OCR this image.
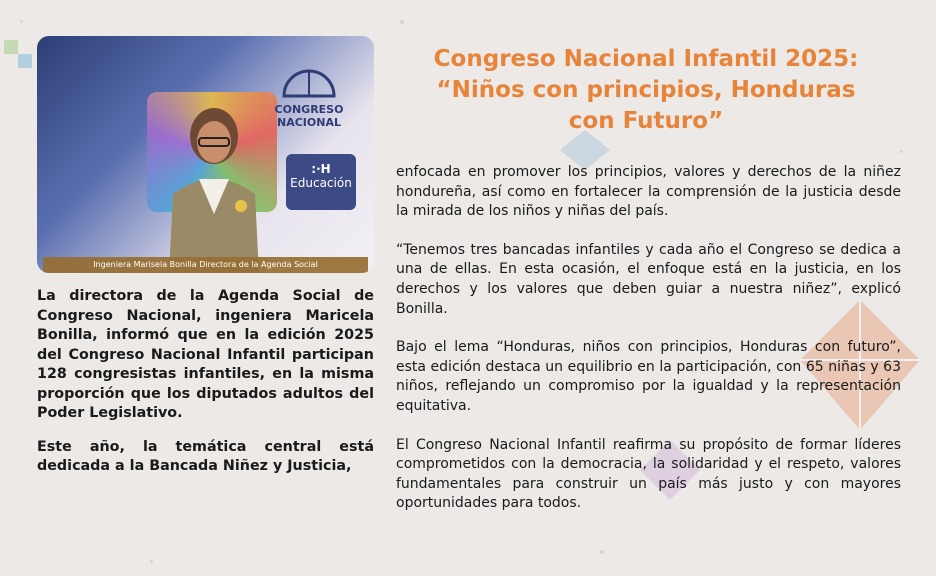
CONGRESO NACIONAL
:·H
Educación
Ingeniera Marisela Bonilla Directora de la Agenda Social
Congreso Nacional Infantil 2025:
“Niños con principios, Honduras
con Futuro”

La directora de la Agenda Social de Congreso Nacional, ingeniera Maricela Bonilla, informó que en la edición 2025 del Congreso Nacional Infantil participan 128 congresistas infantiles, en la misma proporción que los diputados adultos del Poder Legislativo.

Este año, la temática central está dedicada a la Bancada Niñez y Justicia,

enfocada en promover los principios, valores y derechos de la niñez hondureña, así como en fortalecer la comprensión de la justicia desde la mirada de los niños y niñas del país.

“Tenemos tres bancadas infantiles y cada año el Congreso se dedica a una de ellas. En esta ocasión, el enfoque está en la justicia, en los derechos y los valores que deben guiar a nuestra niñez”, explicó Bonilla.

Bajo el lema “Honduras, niños con principios, Honduras con futuro”, esta edición destaca un equilibrio en la participación, con 65 niñas y 63 niños, reflejando un compromiso por la igualdad y la representación equitativa.

El Congreso Nacional Infantil reafirma su propósito de formar líderes comprometidos con la democracia, la solidaridad y el respeto, valores fundamentales para construir un país más justo y con mayores oportunidades para todos.
